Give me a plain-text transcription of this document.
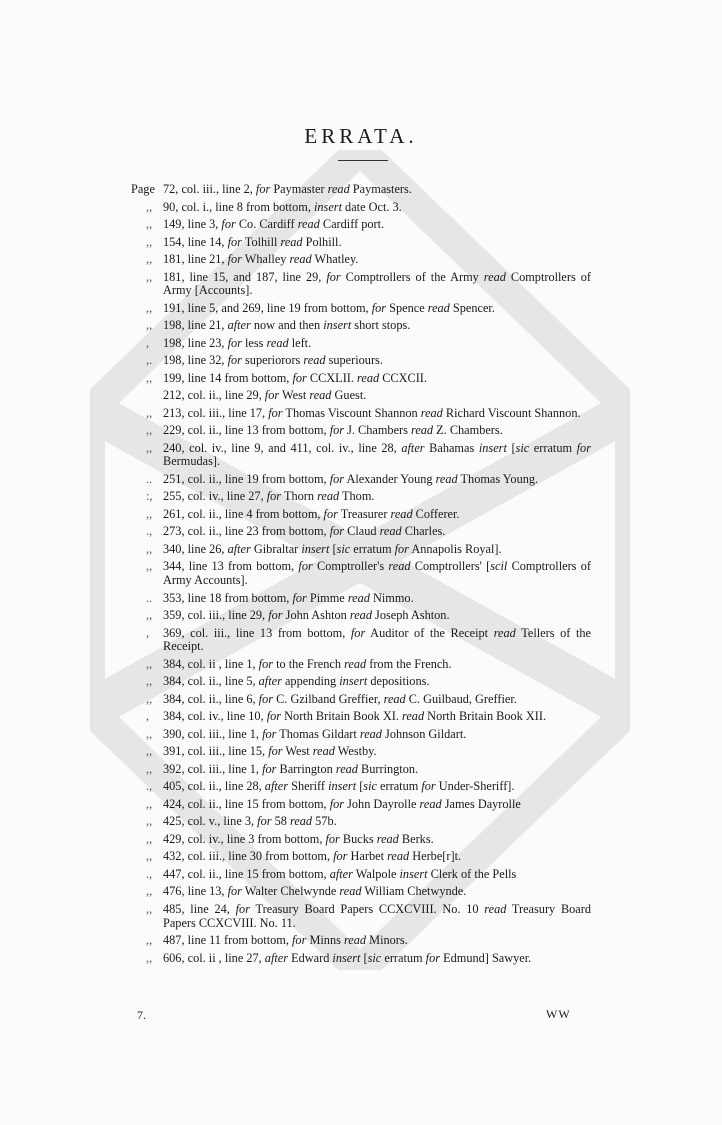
ERRATA.
Page 72, col. iii., line 2, for Paymaster read Paymasters.
,, 90, col. i., line 8 from bottom, insert date Oct. 3.
,, 149, line 3, for Co. Cardiff read Cardiff port.
,, 154, line 14, for Tolhill read Polhill.
,, 181, line 21, for Whalley read Whatley.
,, 181, line 15, and 187, line 29, for Comptrollers of the Army read Comptrollers of Army [Accounts].
,, 191, line 5, and 269, line 19 from bottom, for Spence read Spencer.
,, 198, line 21, after now and then insert short stops.
,	198, line 23, for less read left.
,. 198, line 32, for superiorors read superiours.
,, 199, line 14 from bottom, for CCXLII. read CCXCII.
212, col. ii., line 29, for West read Guest.
,, 213, col. iii., line 17, for Thomas Viscount Shannon read Richard Viscount Shannon.
,, 229, col. ii., line 13 from bottom, for J. Chambers read Z. Chambers.
,, 240, col. iv., line 9, and 411, col. iv., line 28, after Bahamas insert [sic erratum for Bermudas].
.. 251, col. ii., line 19 from bottom, for Alexander Young read Thomas Young.
:, 255, col. iv., line 27, for Thorn read Thom.
,, 261, col. ii., line 4 from bottom, for Treasurer read Cofferer.
., 273, col. ii., line 23 from bottom, for Claud read Charles.
,, 340, line 26, after Gibraltar insert [sic erratum for Annapolis Royal].
,, 344, line 13 from bottom, for Comptroller's read Comptrollers' [scil Comptrollers of Army Accounts].
.. 353, line 18 from bottom, for Pimme read Nimmo.
,, 359, col. iii., line 29, for John Ashton read Joseph Ashton.
,	369, col. iii., line 13 from bottom, for Auditor of the Receipt read Tellers of the Receipt.
,, 384, col. ii , line 1, for to the French read from the French.
,, 384, col. ii., line 5, after appending insert depositions.
,, 384, col. ii., line 6, for C. Gzilband Greffier, read C. Guilbaud, Greffier.
,	384, col. iv., line 10, for North Britain Book XI. read North Britain Book XII.
,, 390, col. iii., line 1, for Thomas Gildart read Johnson Gildart.
,, 391, col. iii., line 15, for West read Westby.
,, 392, col. iii., line 1, for Barrington read Burrington.
., 405, col. ii., line 28, after Sheriff insert [sic erratum for Under-Sheriff].
,, 424, col. ii., line 15 from bottom, for John Dayrolle read James Dayrolle
,, 425, col. v., line 3, for 58 read 57b.
,, 429, col. iv., line 3 from bottom, for Bucks read Berks.
,, 432, col. iii., line 30 from bottom, for Harbet read Herbe[r]t.
., 447, col. ii., line 15 from bottom, after Walpole insert Clerk of the Pells
,, 476, line 13, for Walter Chelwynde read William Chetwynde.
,, 485, line 24, for Treasury Board Papers CCXCVIII. No. 10 read Treasury Board Papers CCXCVIII. No. 11.
,, 487, line 11 from bottom, for Minns read Minors.
,, 606, col. ii , line 27, after Edward insert [sic erratum for Edmund] Sawyer.
7.	WW
